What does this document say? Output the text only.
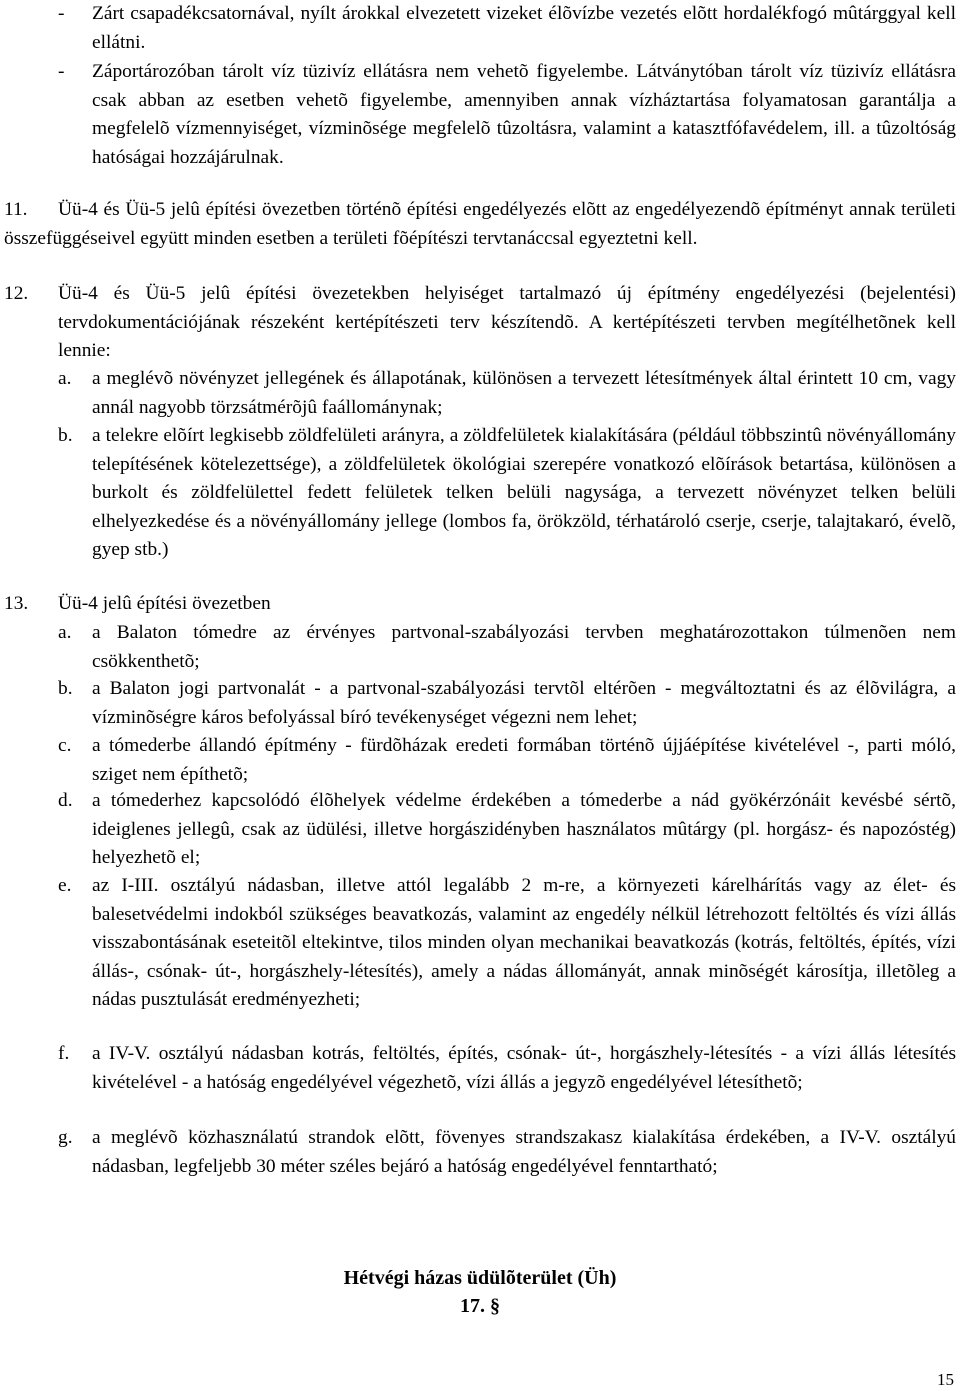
- Zárt csapadékcsatornával, nyílt árokkal elvezetett vizeket élõvízbe vezetés elõtt hordalékfogó mûtárggyal kell ellátni.
- Záportározóban tárolt víz tüzivíz ellátásra nem vehetõ figyelembe. Látványtóban tárolt víz tüzivíz ellátásra csak abban az esetben vehetõ figyelembe, amennyiben annak vízháztartása folyamatosan garantálja a megfelelõ vízmennyiséget, vízminõsége megfelelõ tûzoltásra, valamint a katasztfófavédelem, ill. a tûzoltóság hatóságai hozzájárulnak.
11.	Üü-4 és Üü-5 jelû építési övezetben történõ építési engedélyezés elõtt az engedélyezendõ építményt annak területi összefüggéseivel együtt minden esetben a területi fõépítészi tervtanáccsal egyeztetni kell.
12. Üü-4 és Üü-5 jelû építési övezetekben helyiséget tartalmazó új építmény engedélyezési (bejelentési) tervdokumentációjának részeként kertépítészeti terv készítendõ. A kertépítészeti tervben megítélhetõnek kell lennie:
a. a meglévõ növényzet jellegének és állapotának, különösen a tervezett létesítmények által érintett 10 cm, vagy annál nagyobb törzsátmérõjû faállománynak;
b. a telekre elõírt legkisebb zöldfelületi arányra, a zöldfelületek kialakítására (például többszintû növényállomány telepítésének kötelezettsége), a zöldfelületek ökológiai szerepére vonatkozó elõírások betartása, különösen a burkolt és zöldfelülettel fedett felületek telken belüli nagysága, a tervezett növényzet telken belüli elhelyezkedése és a növényállomány jellege (lombos fa, örökzöld, térhatároló cserje, cserje, talajtakaró, évelõ, gyep stb.)
13. Üü-4 jelû építési övezetben
a. a Balaton tómedre az érvényes partvonal-szabályozási tervben meghatározottakon túlmenõen nem csökkenthetõ;
b. a Balaton jogi partvonalát - a partvonal-szabályozási tervtõl eltérõen - megváltoztatni és az élõvilágra, a vízminõségre káros befolyással bíró tevékenységet végezni nem lehet;
c. a tómederbe állandó építmény - fürdõházak eredeti formában történõ újjáépítése kivételével -, parti móló, sziget nem építhetõ;
d. a tómederhez kapcsolódó élõhelyek védelme érdekében a tómederbe a nád gyökérzónáit kevésbé sértõ, ideiglenes jellegû, csak az üdülési, illetve horgászidényben használatos mûtárgy (pl. horgász- és napozóstég) helyezhetõ el;
e. az I-III. osztályú nádasban, illetve attól legalább 2 m-re, a környezeti kárelhárítás vagy az élet- és balesetvédelmi indokból szükséges beavatkozás, valamint az engedély nélkül létrehozott feltöltés és vízi állás visszabontásának eseteitõl eltekintve, tilos minden olyan mechanikai beavatkozás (kotrás, feltöltés, építés, vízi állás-, csónak- út-, horgászhely-létesítés), amely a nádas állományát, annak minõségét károsítja, illetõleg a nádas pusztulását eredményezheti;
f. a IV-V. osztályú nádasban kotrás, feltöltés, építés, csónak- út-, horgászhely-létesítés - a vízi állás létesítés kivételével - a hatóság engedélyével végezhetõ, vízi állás a jegyzõ engedélyével létesíthetõ;
g. a meglévõ közhasználatú strandok elõtt, fövenyes strandszakasz kialakítása érdekében, a IV-V. osztályú nádasban, legfeljebb 30 méter széles bejáró a hatóság engedélyével fenntartható;
Hétvégi házas üdülõterület (Üh)
17. §
15
